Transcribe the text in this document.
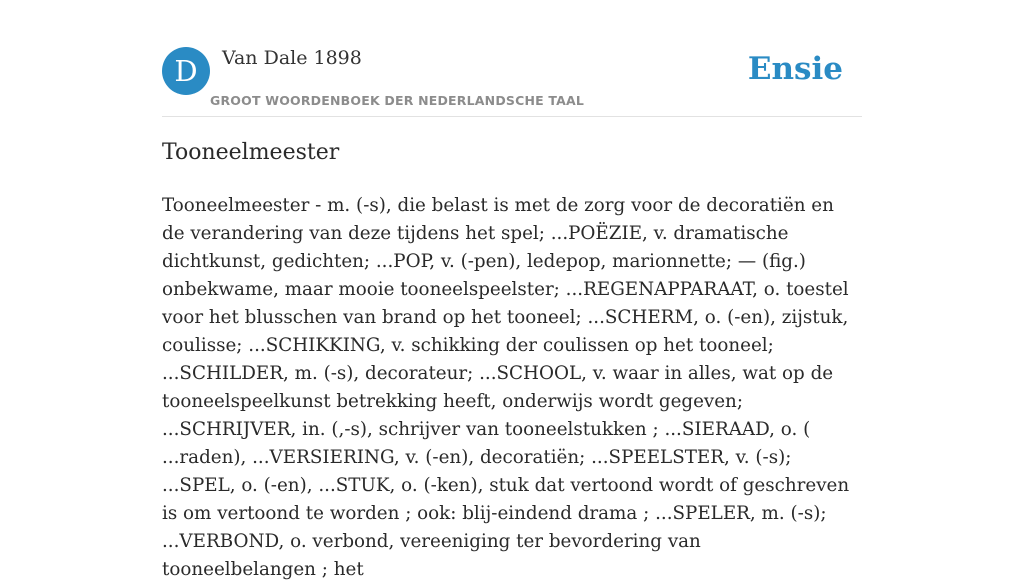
D	Van Dale 1898
GROOT WOORDENBOEK DER NEDERLANDSCHE TAAL
Ensie
Tooneelmeester

Tooneelmeester - m. (-s), die belast is met de zorg voor de decoratiën en de verandering van deze tijdens het spel; ...POËZIE, v. dramatische dichtkunst, gedichten; ...POP, v. (-pen), ledepop, marionnette; — (fig.) onbekwame, maar mooie tooneelspeelster; ...REGENAPPARAAT, o. toestel voor het blusschen van brand op het tooneel; ...SCHERM, o. (-en), zijstuk, coulisse; ...SCHIKKING, v. schikking der coulissen op het tooneel; ...SCHILDER, m. (-s), decorateur; ...SCHOOL, v. waar in alles, wat op de tooneelspeelkunst betrekking heeft, onderwijs wordt gegeven; ...SCHRIJVER, in. (,-s), schrijver van tooneelstukken ; ...SIERAAD, o. ( ...raden), ...VERSIERING, v. (-en), decoratiën; ...SPEELSTER, v. (-s); ...SPEL, o. (-en), ...STUK, o. (-ken), stuk dat vertoond wordt of geschreven is om vertoond te worden ; ook: blij-eindend drama ; ...SPELER, m. (-s); ...VERBOND, o. verbond, vereeniging ter bevordering van tooneelbelangen ; het
